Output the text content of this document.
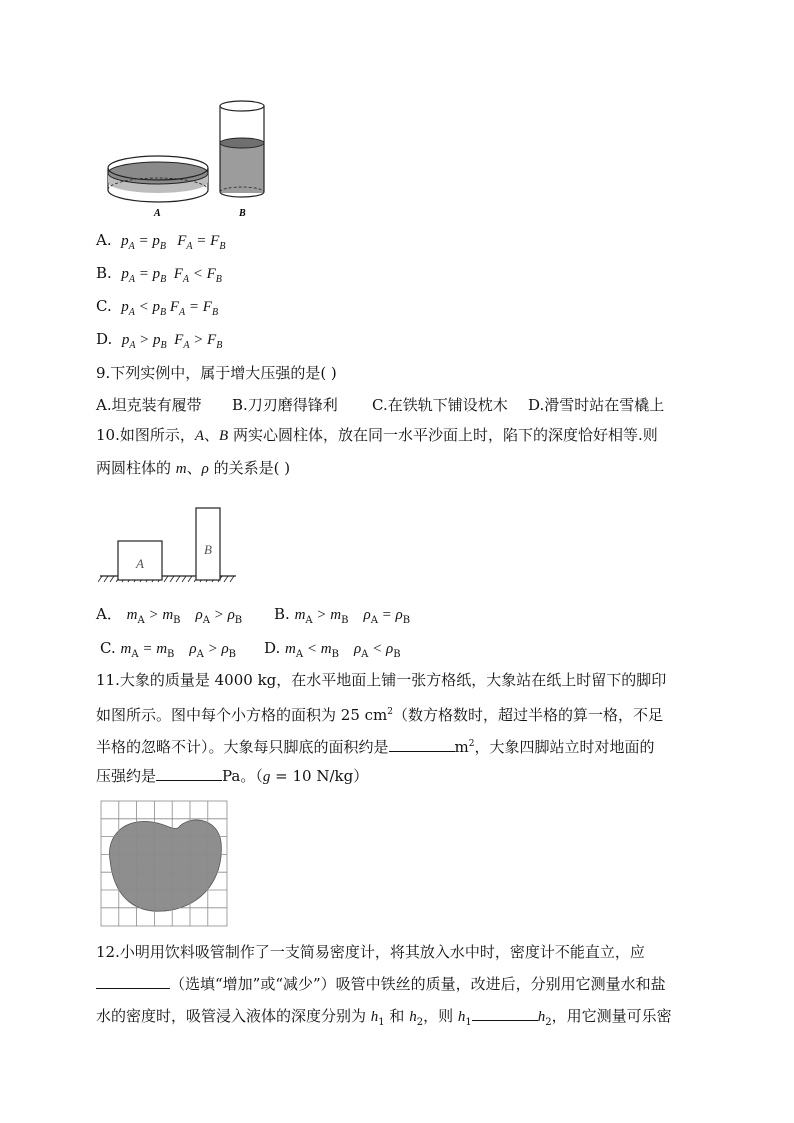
A	B
A. $p_A = p_B$   $F_A = F_B$
B. $p_A = p_B$  $F_A < F_B$
C. $p_A < p_B$ $F_A = F_B$
D. $p_A > p_B$  $F_A > F_B$
9.下列实例中，属于增大压强的是( )
A.坦克装有履带 B.刀刃磨得锋利 C.在铁轨下铺设枕木 D.滑雪时站在雪橇上
10.如图所示，A、B 两实心圆柱体，放在同一水平沙面上时，陷下的深度恰好相等.则
两圆柱体的 m、ρ 的关系是( )
A
B
A． $m_A > m_B$    $\rho_A > \rho_B$ B. $m_A > m_B$    $\rho_A = \rho_B$
C. $m_A = m_B$    $\rho_A > \rho_B$ D. $m_A < m_B$    $\rho_A < \rho_B$
11.大象的质量是 4000 kg，在水平地面上铺一张方格纸，大象站在纸上时留下的脚印
如图所示。图中每个小方格的面积为 25 $cm^2$（数方格数时，超过半格的算一格，不足
半格的忽略不计）。大象每只脚底的面积约是	$m^2$，大象四脚站立时对地面的
压强约是	Pa。（g = 10 N/kg）
12.小明用饮料吸管制作了一支简易密度计，将其放入水中时，密度计不能直立，应
（选填“增加”或“减少”）吸管中铁丝的质量，改进后，分别用它测量水和盐
水的密度时，吸管浸入液体的深度分别为 $h_1$ 和 $h_2$，则 $h_1$	$h_2$，用它测量可乐密
